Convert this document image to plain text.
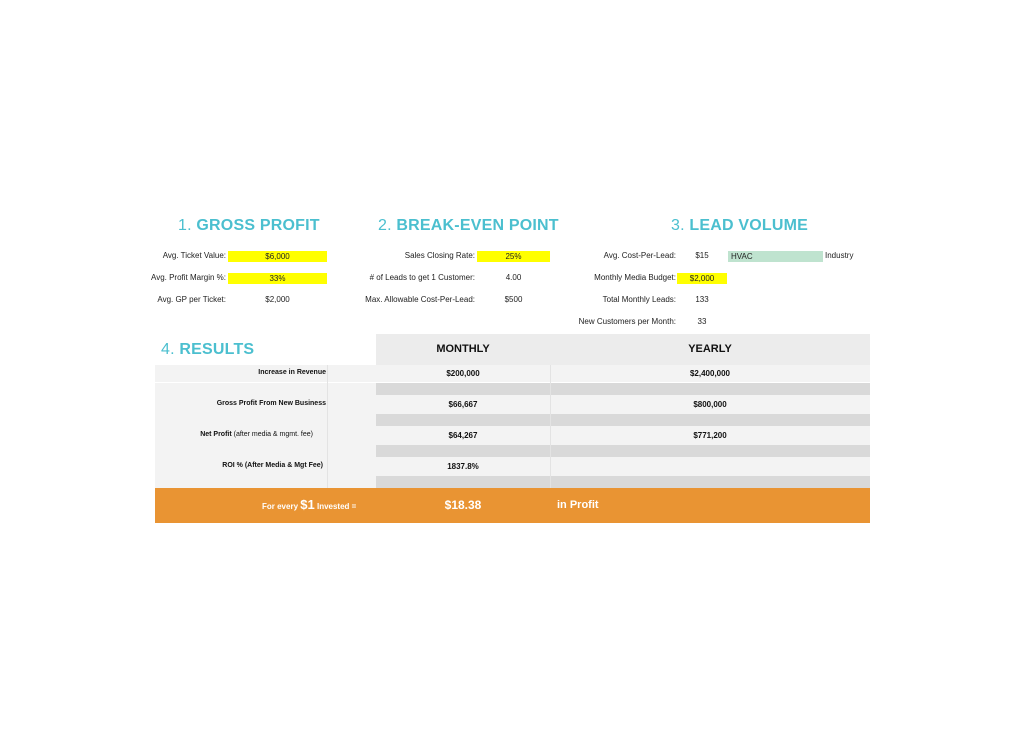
1. GROSS PROFIT
Avg. Ticket Value:	$6,000
Avg. Profit Margin %:	33%
Avg. GP per Ticket:	$2,000
2. BREAK-EVEN POINT
Sales Closing Rate:	25%
# of Leads to get 1 Customer:	4.00
Max. Allowable Cost-Per-Lead:	$500
3. LEAD VOLUME
Avg. Cost-Per-Lead:	$15	HVAC	Industry
Monthly Media Budget:	$2,000
Total Monthly Leads:	133
New Customers per Month:	33
4. RESULTS	MONTHLY	YEARLY
Increase in Revenue	$200,000	$2,400,000
Gross Profit From New Business	$66,667	$800,000
Net Profit (after media & mgmt. fee)	$64,267	$771,200
ROI % (After Media & Mgt Fee)	1837.8%
For every $1 Invested =	$18.38	in Profit
